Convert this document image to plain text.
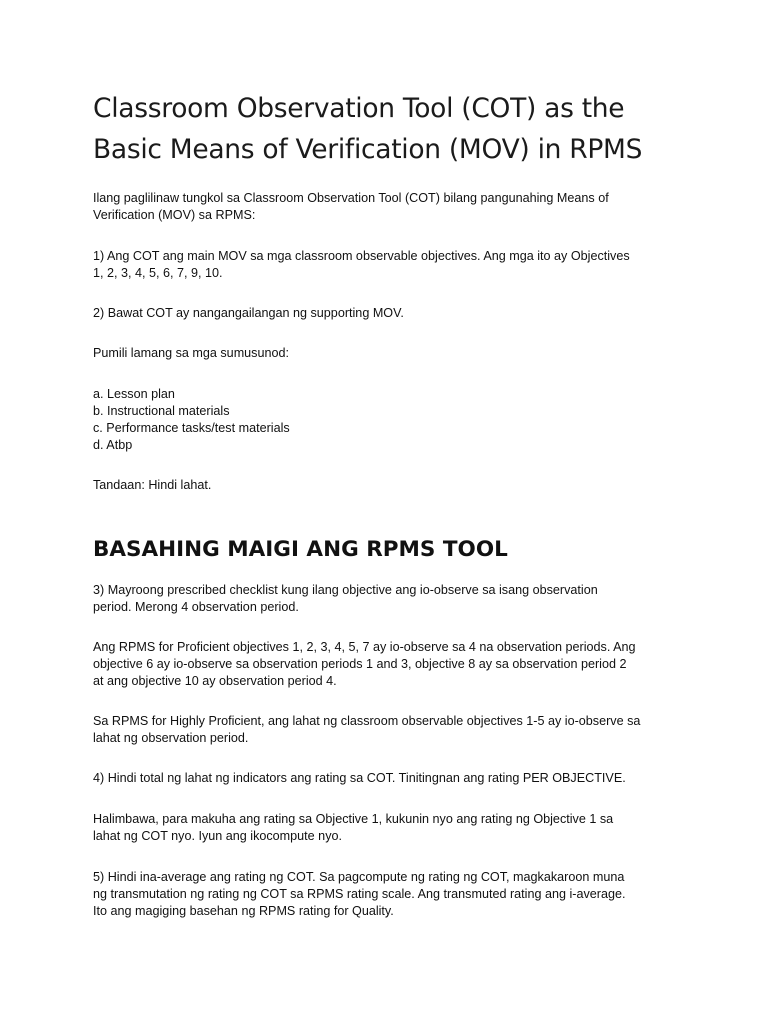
Classroom Observation Tool (COT) as the
Basic Means of Verification (MOV) in RPMS

Ilang paglilinaw tungkol sa Classroom Observation Tool (COT) bilang pangunahing Means of
Verification (MOV) sa RPMS:

1) Ang COT ang main MOV sa mga classroom observable objectives. Ang mga ito ay Objectives
1, 2, 3, 4, 5, 6, 7, 9, 10.

2) Bawat COT ay nangangailangan ng supporting MOV.

Pumili lamang sa mga sumusunod:

a. Lesson plan
b. Instructional materials
c. Performance tasks/test materials
d. Atbp

Tandaan: Hindi lahat.

BASAHING MAIGI ANG RPMS TOOL

3) Mayroong prescribed checklist kung ilang objective ang io-observe sa isang observation
period. Merong 4 observation period.

Ang RPMS for Proficient objectives 1, 2, 3, 4, 5, 7 ay io-observe sa 4 na observation periods. Ang
objective 6 ay io-observe sa observation periods 1 and 3, objective 8 ay sa observation period 2
at ang objective 10 ay observation period 4.

Sa RPMS for Highly Proficient, ang lahat ng classroom observable objectives 1-5 ay io-observe sa
lahat ng observation period.

4) Hindi total ng lahat ng indicators ang rating sa COT. Tinitingnan ang rating PER OBJECTIVE.

Halimbawa, para makuha ang rating sa Objective 1, kukunin nyo ang rating ng Objective 1 sa
lahat ng COT nyo. Iyun ang ikocompute nyo.

5) Hindi ina-average ang rating ng COT. Sa pagcompute ng rating ng COT, magkakaroon muna
ng transmutation ng rating ng COT sa RPMS rating scale. Ang transmuted rating ang i-average.
Ito ang magiging basehan ng RPMS rating for Quality.
